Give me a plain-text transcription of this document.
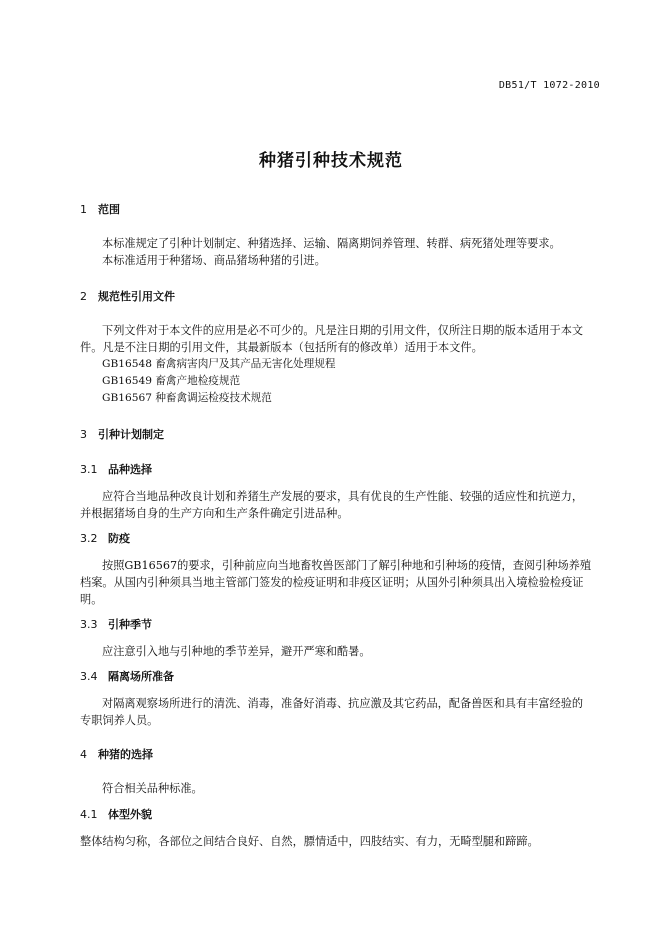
DB51/T 1072-2010
种猪引种技术规范
1 范围
本标准规定了引种计划制定、种猪选择、运输、隔离期饲养管理、转群、病死猪处理等要求。
本标准适用于种猪场、商品猪场种猪的引进。
2 规范性引用文件
下列文件对于本文件的应用是必不可少的。凡是注日期的引用文件，仅所注日期的版本适用于本文
件。凡是不注日期的引用文件，其最新版本（包括所有的修改单）适用于本文件。
GB16548 畜禽病害肉尸及其产品无害化处理规程
GB16549 畜禽产地检疫规范
GB16567 种畜禽调运检疫技术规范
3 引种计划制定
3.1 品种选择
应符合当地品种改良计划和养猪生产发展的要求，具有优良的生产性能、较强的适应性和抗逆力，
并根据猪场自身的生产方向和生产条件确定引进品种。
3.2 防疫
按照GB16567的要求，引种前应向当地畜牧兽医部门了解引种地和引种场的疫情，查阅引种场养殖
档案。从国内引种须具当地主管部门签发的检疫证明和非疫区证明；从国外引种须具出入境检验检疫证
明。
3.3 引种季节
应注意引入地与引种地的季节差异，避开严寒和酷暑。
3.4 隔离场所准备
对隔离观察场所进行的清洗、消毒，准备好消毒、抗应激及其它药品，配备兽医和具有丰富经验的
专职饲养人员。
4 种猪的选择
符合相关品种标准。
4.1 体型外貌
整体结构匀称，各部位之间结合良好、自然，膘情适中，四肢结实、有力，无畸型腿和蹄蹄。
